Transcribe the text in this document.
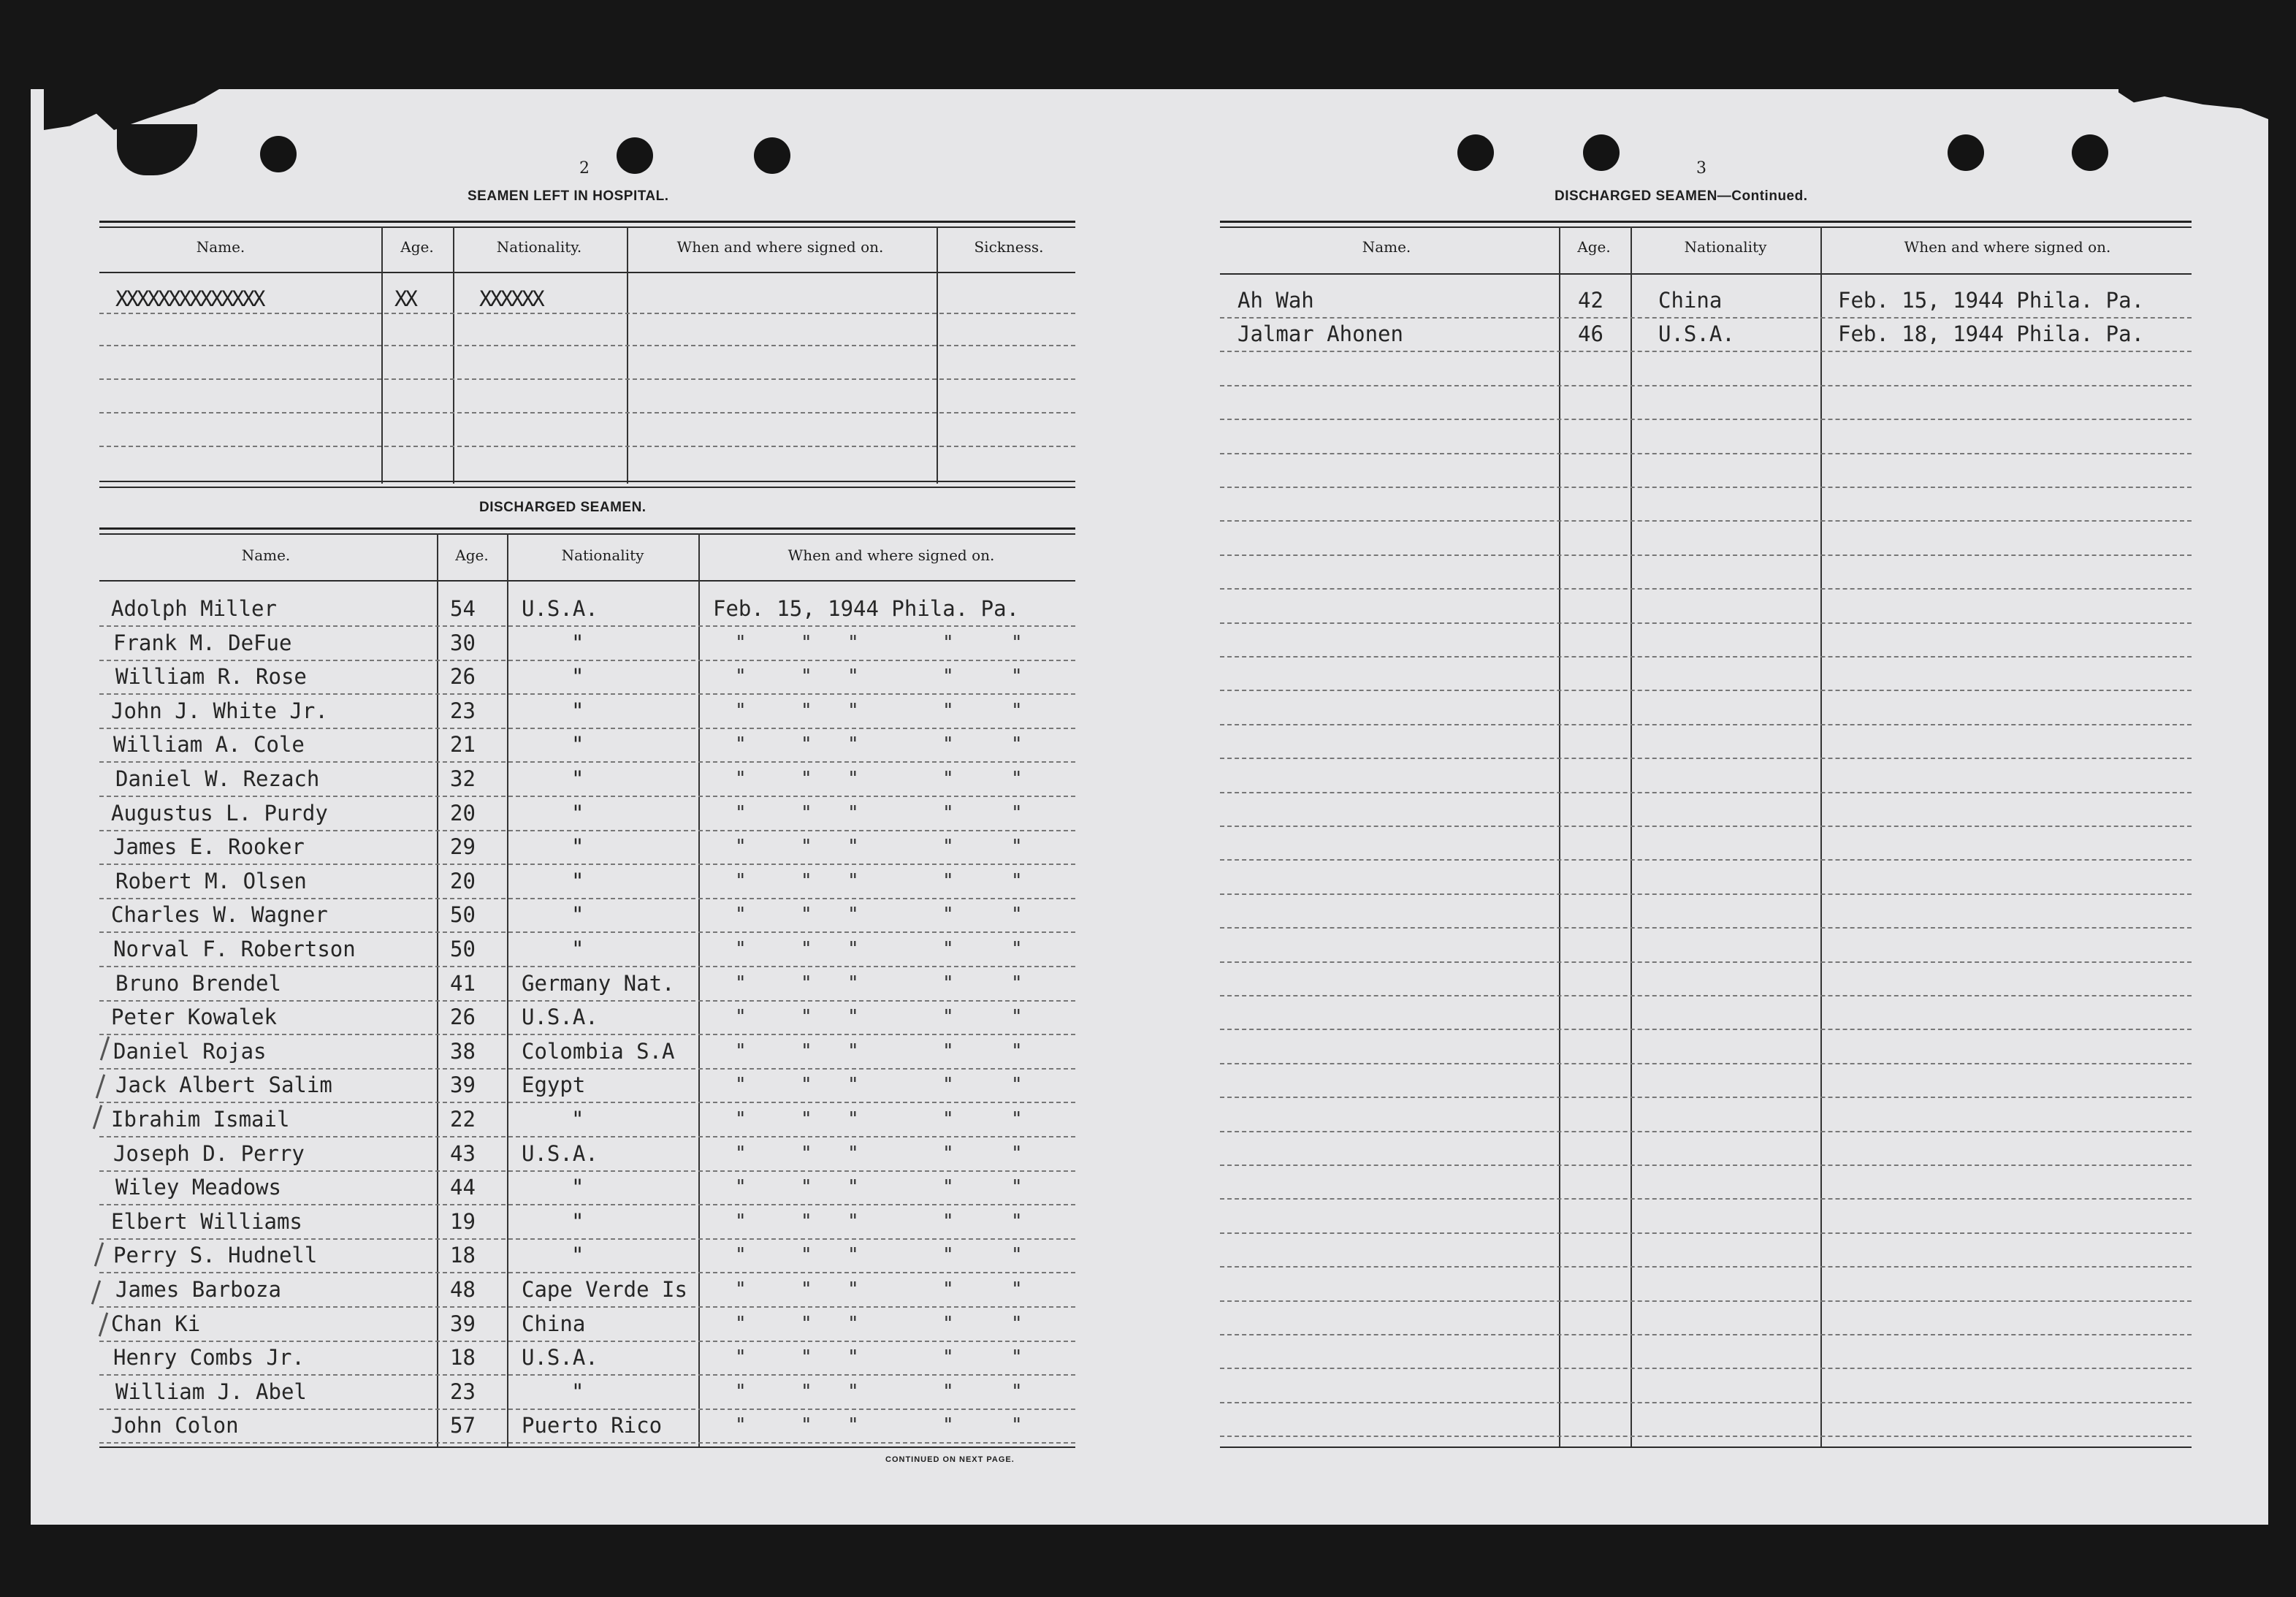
2
SEAMEN LEFT IN HOSPITAL.
Name.	Age.	Nationality.	When and where signed on.	Sickness.
XXXXXXXXXXXXXX	XX	XXXXXX
DISCHARGED SEAMEN.
Name.	Age.	Nationality	When and where signed on.
Adolph Miller	54 U.S.A.	Feb. 15, 1944 Phila. Pa.
Frank M. DeFue	30	"	"	" "	"	"
William R. Rose	26	"	"	" "	"	"
John J. White Jr.	23	"	"	" "	"	"
William A. Cole	21	"	"	" "	"	"
Daniel W. Rezach	32	"	"	" "	"	"
Augustus L. Purdy	20	"	"	" "	"	"
James E. Rooker	29	"	"	" "	"	"
Robert M. Olsen	20	"	"	" "	"	"
Charles W. Wagner	50	"	"	" "	"	"
Norval F. Robertson	50	"	"	" "	"	"
Bruno Brendel	41 Germany Nat.	"	" "	"	"
Peter Kowalek	26 U.S.A.	"	" "	"	"
Daniel Rojas	38 Colombia S.A	"	" "	"	"
Jack Albert Salim	39 Egypt	"	" "	"	"
Ibrahim Ismail	22	"	"	" "	"	"
Joseph D. Perry	43 U.S.A.	"	" "	"	"
Wiley Meadows	44	"	"	" "	"	"
Elbert Williams	19	"	"	" "	"	"
Perry S. Hudnell	18	"	"	" "	"	"
James Barboza	48 Cape Verde Is	"	" "	"	"
Chan Ki	39 China	"	" "	"	"
Henry Combs Jr.	18 U.S.A.	"	" "	"	"
William J. Abel	23	"	"	" "	"	"
John Colon	57 Puerto Rico	"	" "	"	"
CONTINUED ON NEXT PAGE.
3
DISCHARGED SEAMEN—Continued.
Name.	Age.	Nationality	When and where signed on.
Ah Wah	42	China	Feb. 15, 1944 Phila. Pa.
Jalmar Ahonen	46	U.S.A.	Feb. 18, 1944 Phila. Pa.
